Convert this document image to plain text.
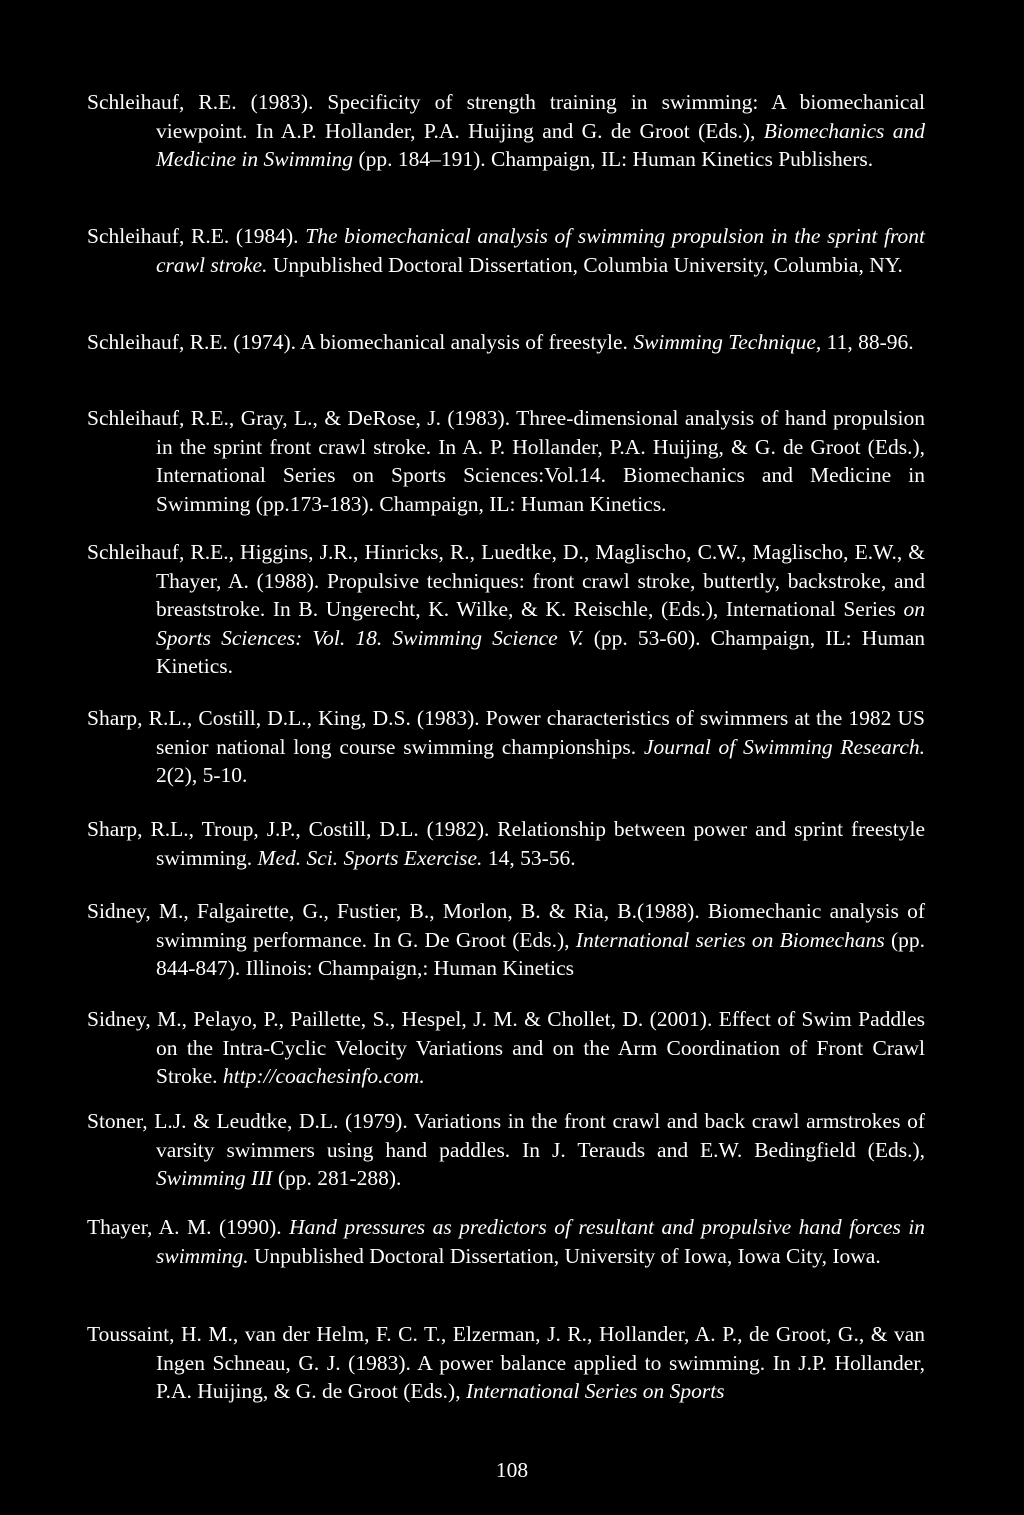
Schleihauf, R.E. (1983). Specificity of strength training in swimming: A biomechanical viewpoint. In A.P. Hollander, P.A. Huijing and G. de Groot (Eds.), Biomechanics and Medicine in Swimming (pp. 184–191). Champaign, IL: Human Kinetics Publishers.
Schleihauf, R.E. (1984). The biomechanical analysis of swimming propulsion in the sprint front crawl stroke. Unpublished Doctoral Dissertation, Columbia University, Columbia, NY.
Schleihauf, R.E. (1974). A biomechanical analysis of freestyle. Swimming Technique, 11, 88-96.
Schleihauf, R.E., Gray, L., & DeRose, J. (1983). Three-dimensional analysis of hand propulsion in the sprint front crawl stroke. In A. P. Hollander, P.A. Huijing, & G. de Groot (Eds.), International Series on Sports Sciences:Vol.14. Biomechanics and Medicine in Swimming (pp.173-183). Champaign, IL: Human Kinetics.
Schleihauf, R.E., Higgins, J.R., Hinricks, R., Luedtke, D., Maglischo, C.W., Maglischo, E.W., & Thayer, A. (1988). Propulsive techniques: front crawl stroke, buttertly, backstroke, and breaststroke. In B. Ungerecht, K. Wilke, & K. Reischle, (Eds.), International Series on Sports Sciences: Vol. 18. Swimming Science V. (pp. 53-60). Champaign, IL: Human Kinetics.
Sharp, R.L., Costill, D.L., King, D.S. (1983). Power characteristics of swimmers at the 1982 US senior national long course swimming championships. Journal of Swimming Research. 2(2), 5-10.
Sharp, R.L., Troup, J.P., Costill, D.L. (1982). Relationship between power and sprint freestyle swimming. Med. Sci. Sports Exercise. 14, 53-56.
Sidney, M., Falgairette, G., Fustier, B., Morlon, B. & Ria, B.(1988). Biomechanic analysis of swimming performance. In G. De Groot (Eds.), International series on Biomechans (pp. 844-847). Illinois: Champaign,: Human Kinetics
Sidney, M., Pelayo, P., Paillette, S., Hespel, J. M. & Chollet, D. (2001). Effect of Swim Paddles on the Intra-Cyclic Velocity Variations and on the Arm Coordination of Front Crawl Stroke. http://coachesinfo.com.
Stoner, L.J. & Leudtke, D.L. (1979). Variations in the front crawl and back crawl armstrokes of varsity swimmers using hand paddles. In J. Terauds and E.W. Bedingfield (Eds.), Swimming III (pp. 281-288).
Thayer, A. M. (1990). Hand pressures as predictors of resultant and propulsive hand forces in swimming. Unpublished Doctoral Dissertation, University of Iowa, Iowa City, Iowa.
Toussaint, H. M., van der Helm, F. C. T., Elzerman, J. R., Hollander, A. P., de Groot, G., & van Ingen Schneau, G. J. (1983). A power balance applied to swimming. In J.P. Hollander, P.A. Huijing, & G. de Groot (Eds.), International Series on Sports
108
